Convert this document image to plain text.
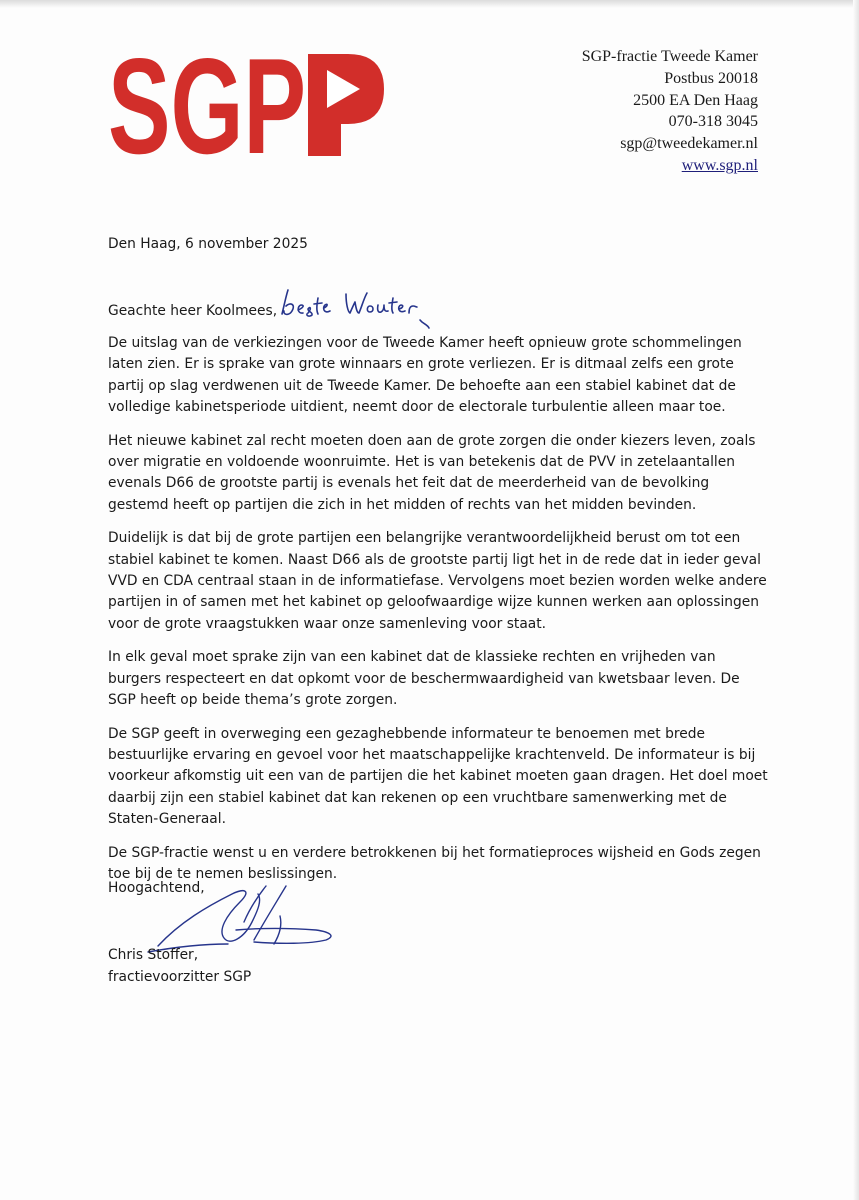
SGP	SGP-fractie Tweede Kamer
Postbus 20018
2500 EA Den Haag
070-318 3045
sgp@tweedekamer.nl
www.sgp.nl
Den Haag, 6 november 2025
Geachte heer Koolmees,

De uitslag van de verkiezingen voor de Tweede Kamer heeft opnieuw grote schommelingen laten zien. Er is sprake van grote winnaars en grote verliezen. Er is ditmaal zelfs een grote partij op slag verdwenen uit de Tweede Kamer. De behoefte aan een stabiel kabinet dat de volledige kabinetsperiode uitdient, neemt door de electorale turbulentie alleen maar toe.

Het nieuwe kabinet zal recht moeten doen aan de grote zorgen die onder kiezers leven, zoals over migratie en voldoende woonruimte. Het is van betekenis dat de PVV in zetelaantallen evenals D66 de grootste partij is evenals het feit dat de meerderheid van de bevolking gestemd heeft op partijen die zich in het midden of rechts van het midden bevinden.

Duidelijk is dat bij de grote partijen een belangrijke verantwoordelijkheid berust om tot een stabiel kabinet te komen. Naast D66 als de grootste partij ligt het in de rede dat in ieder geval VVD en CDA centraal staan in de informatiefase. Vervolgens moet bezien worden welke andere partijen in of samen met het kabinet op geloofwaardige wijze kunnen werken aan oplossingen voor de grote vraagstukken waar onze samenleving voor staat.

In elk geval moet sprake zijn van een kabinet dat de klassieke rechten en vrijheden van burgers respecteert en dat opkomt voor de beschermwaardigheid van kwetsbaar leven. De SGP heeft op beide thema’s grote zorgen.

De SGP geeft in overweging een gezaghebbende informateur te benoemen met brede bestuurlijke ervaring en gevoel voor het maatschappelijke krachtenveld. De informateur is bij voorkeur afkomstig uit een van de partijen die het kabinet moeten gaan dragen. Het doel moet daarbij zijn een stabiel kabinet dat kan rekenen op een vruchtbare samenwerking met de Staten-Generaal.

De SGP-fractie wenst u en verdere betrokkenen bij het formatieproces wijsheid en Gods zegen toe bij de te nemen beslissingen.

Hoogachtend,
Chris Stoffer,
fractievoorzitter SGP
